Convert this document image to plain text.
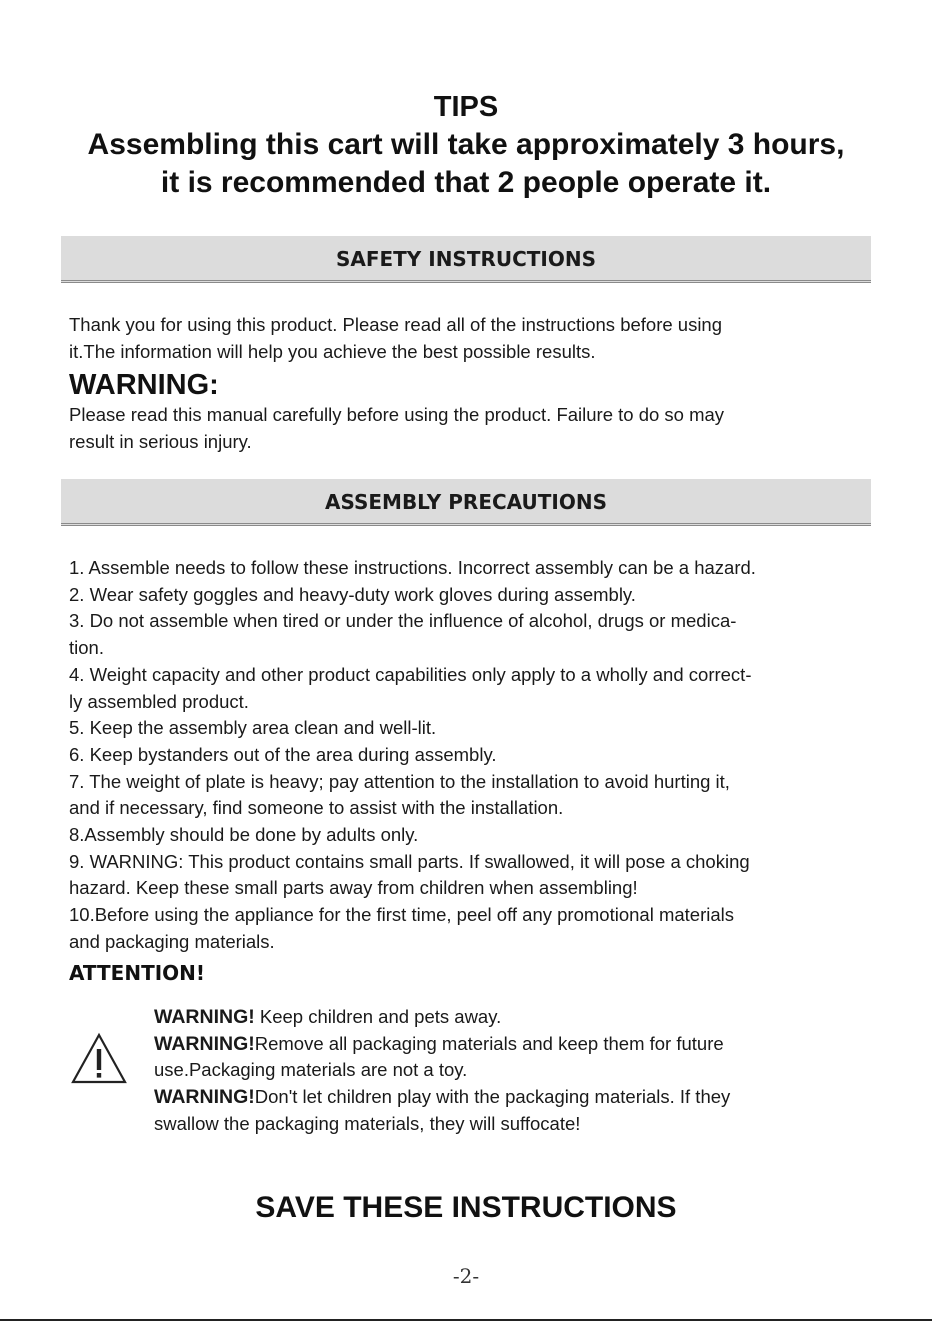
TIPS
Assembling this cart will take approximately 3 hours,
it is recommended that 2 people operate it.
SAFETY INSTRUCTIONS
Thank you for using this product. Please read all of the instructions before using
it.The information will help you achieve the best possible results.
WARNING:
Please read this manual carefully before using the product. Failure to do so may
result in serious injury.
ASSEMBLY PRECAUTIONS
1. Assemble needs to follow these instructions. Incorrect assembly can be a hazard.
2. Wear safety goggles and heavy-duty work gloves during assembly.
3. Do not assemble when tired or under the influence of alcohol, drugs or medica-
tion.
4. Weight capacity and other product capabilities only apply to a wholly and correct-
ly assembled product.
5. Keep the assembly area clean and well-lit.
6. Keep bystanders out of the area during assembly.
7. The weight of plate is heavy; pay attention to the installation to avoid hurting it,
and if necessary, find someone to assist with the installation.
8.Assembly should be done by adults only.
9. WARNING: This product contains small parts. If swallowed, it will pose a choking
hazard. Keep these small parts away from children when assembling!
10.Before using the appliance for the first time, peel off any promotional materials
and packaging materials.
ATTENTION!
WARNING! Keep children and pets away.
WARNING!Remove all packaging materials and keep them for future
use.Packaging materials are not a toy.
WARNING!Don't let children play with the packaging materials. If they
swallow the packaging materials, they will suffocate!
SAVE THESE INSTRUCTIONS
-2-
